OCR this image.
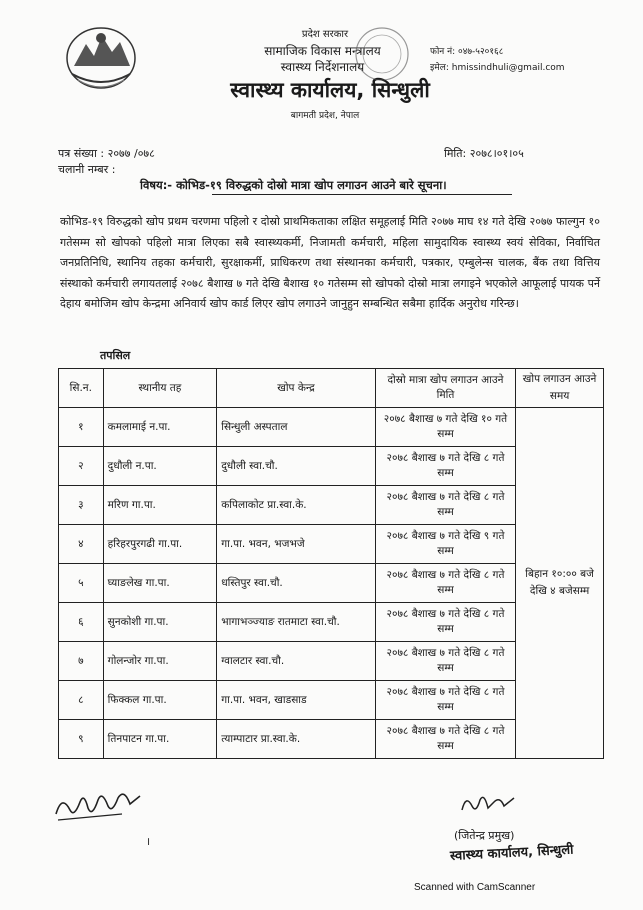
प्रदेश सरकार
सामाजिक विकास मन्त्रालय
स्वास्थ्य निर्देशनालय
स्वास्थ्य कार्यालय, सिन्धुली
बागमती प्रदेश, नेपाल
फोन नं: ०४७-५२०१६८
इमेल: hmissindhuli@gmail.com
पत्र संख्या : २०७७ /०७८
चलानी नम्बर :
मिति: २०७८।०१।०५
विषय:- कोभिड-१९ विरुद्धको दोस्रो मात्रा खोप लगाउन आउने बारे सूचना।
कोभिड-१९ विरुद्धको खोप प्रथम चरणमा पहिलो र दोस्रो प्राथमिकताका लक्षित समूहलाई मिति २०७७ माघ १४ गते देखि २०७७ फाल्गुन १० गतेसम्म सो खोपको पहिलो मात्रा लिएका सबै स्वास्थ्यकर्मी, निजामती कर्मचारी, महिला सामुदायिक स्वास्थ्य स्वयं सेविका, निर्वाचित जनप्रतिनिधि, स्थानिय तहका कर्मचारी, सुरक्षाकर्मी, प्राधिकरण तथा संस्थानका कर्मचारी, पत्रकार, एम्बुलेन्स चालक, बैंक तथा वित्तिय संस्थाको कर्मचारी लगायतलाई २०७८ बैशाख ७ गते देखि बैशाख १० गतेसम्म सो खोपको दोस्रो मात्रा लगाइने भएकोले आफूलाई पायक पर्ने देहाय बमोजिम खोप केन्द्रमा अनिवार्य खोप कार्ड लिएर खोप लगाउने जानुहुन सम्बन्धित सबैमा हार्दिक अनुरोध गरिन्छ।
तपसिल
सि.न.	स्थानीय तह	खोप केन्द्र	दोस्रो मात्रा खोप लगाउन आउने मिति	खोप लगाउन आउने समय
१	कमलामाई न.पा.	सिन्धुली अस्पताल	२०७८ बैशाख ७ गते देखि १० गते सम्म	बिहान १०:०० बजे देखि ४ बजेसम्म
२	दुधौली न.पा.	दुधौली स्वा.चौ.	२०७८ बैशाख ७ गते देखि ८ गते सम्म	
३	मरिण गा.पा.	कपिलाकोट प्रा.स्वा.के.	२०७८ बैशाख ७ गते देखि ८ गते सम्म	
४	हरिहरपुरगढी गा.पा.	गा.पा. भवन, भजभजे	२०७८ बैशाख ७ गते देखि ९ गते सम्म	
५	घ्याङलेख गा.पा.	धस्तिपुर स्वा.चौ.	२०७८ बैशाख ७ गते देखि ८ गते सम्म	
६	सुनकोशी गा.पा.	भागाभञ्ज्याङ रातमाटा स्वा.चौ.	२०७८ बैशाख ७ गते देखि ८ गते सम्म	
७	गोलन्जोर गा.पा.	ग्वालटार स्वा.चौ.	२०७८ बैशाख ७ गते देखि ८ गते सम्म	
८	फिक्कल गा.पा.	गा.पा. भवन, खाडसाड	२०७८ बैशाख ७ गते देखि ८ गते सम्म	
९	तिनपाटन गा.पा.	त्याम्पाटार प्रा.स्वा.के.	२०७८ बैशाख ७ गते देखि ८ गते सम्म	
।	(जितेन्द्र प्रमुख)
स्वास्थ्य कार्यालय, सिन्धुली
Scanned with CamScanner
